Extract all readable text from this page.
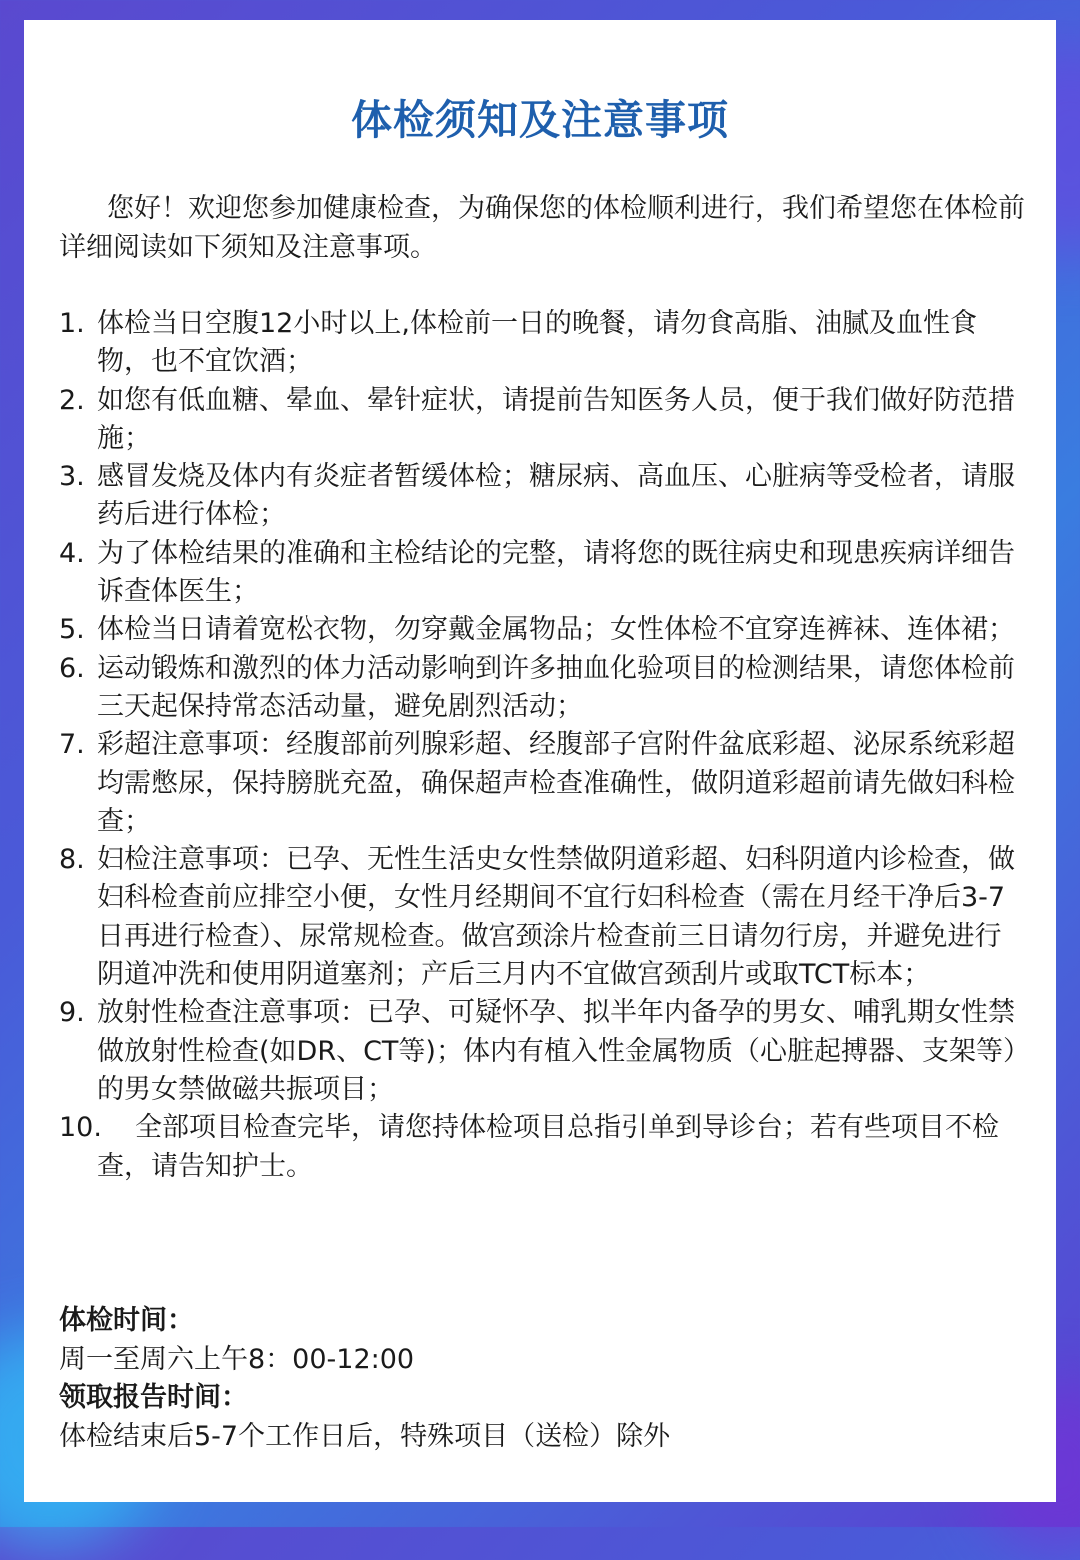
体检须知及注意事项

您好！欢迎您参加健康检查，为确保您的体检顺利进行，我们希望您在体检前详细阅读如下须知及注意事项。

1. 体检当日空腹12小时以上,体检前一日的晚餐，请勿食高脂、油腻及血性食物，也不宜饮酒；
2. 如您有低血糖、晕血、晕针症状，请提前告知医务人员，便于我们做好防范措施；
3. 感冒发烧及体内有炎症者暂缓体检；糖尿病、高血压、心脏病等受检者，请服药后进行体检；
4. 为了体检结果的准确和主检结论的完整，请将您的既往病史和现患疾病详细告诉查体医生；
5. 体检当日请着宽松衣物，勿穿戴金属物品；女性体检不宜穿连裤袜、连体裙；
6. 运动锻炼和激烈的体力活动影响到许多抽血化验项目的检测结果，请您体检前三天起保持常态活动量，避免剧烈活动；
7. 彩超注意事项：经腹部前列腺彩超、经腹部子宫附件盆底彩超、泌尿系统彩超均需憋尿，保持膀胱充盈，确保超声检查准确性，做阴道彩超前请先做妇科检查；
8. 妇检注意事项：已孕、无性生活史女性禁做阴道彩超、妇科阴道内诊检查，做妇科检查前应排空小便，女性月经期间不宜行妇科检查（需在月经干净后3-7日再进行检查）、尿常规检查。做宫颈涂片检查前三日请勿行房，并避免进行阴道冲洗和使用阴道塞剂；产后三月内不宜做宫颈刮片或取TCT标本；
9. 放射性检查注意事项：已孕、可疑怀孕、拟半年内备孕的男女、哺乳期女性禁做放射性检查(如DR、CT等)；体内有植入性金属物质（心脏起搏器、支架等）的男女禁做磁共振项目；
10. 全部项目检查完毕，请您持体检项目总指引单到导诊台；若有些项目不检查，请告知护士。
体检时间：
周一至周六上午8：00-12:00
领取报告时间：
体检结束后5-7个工作日后，特殊项目（送检）除外
